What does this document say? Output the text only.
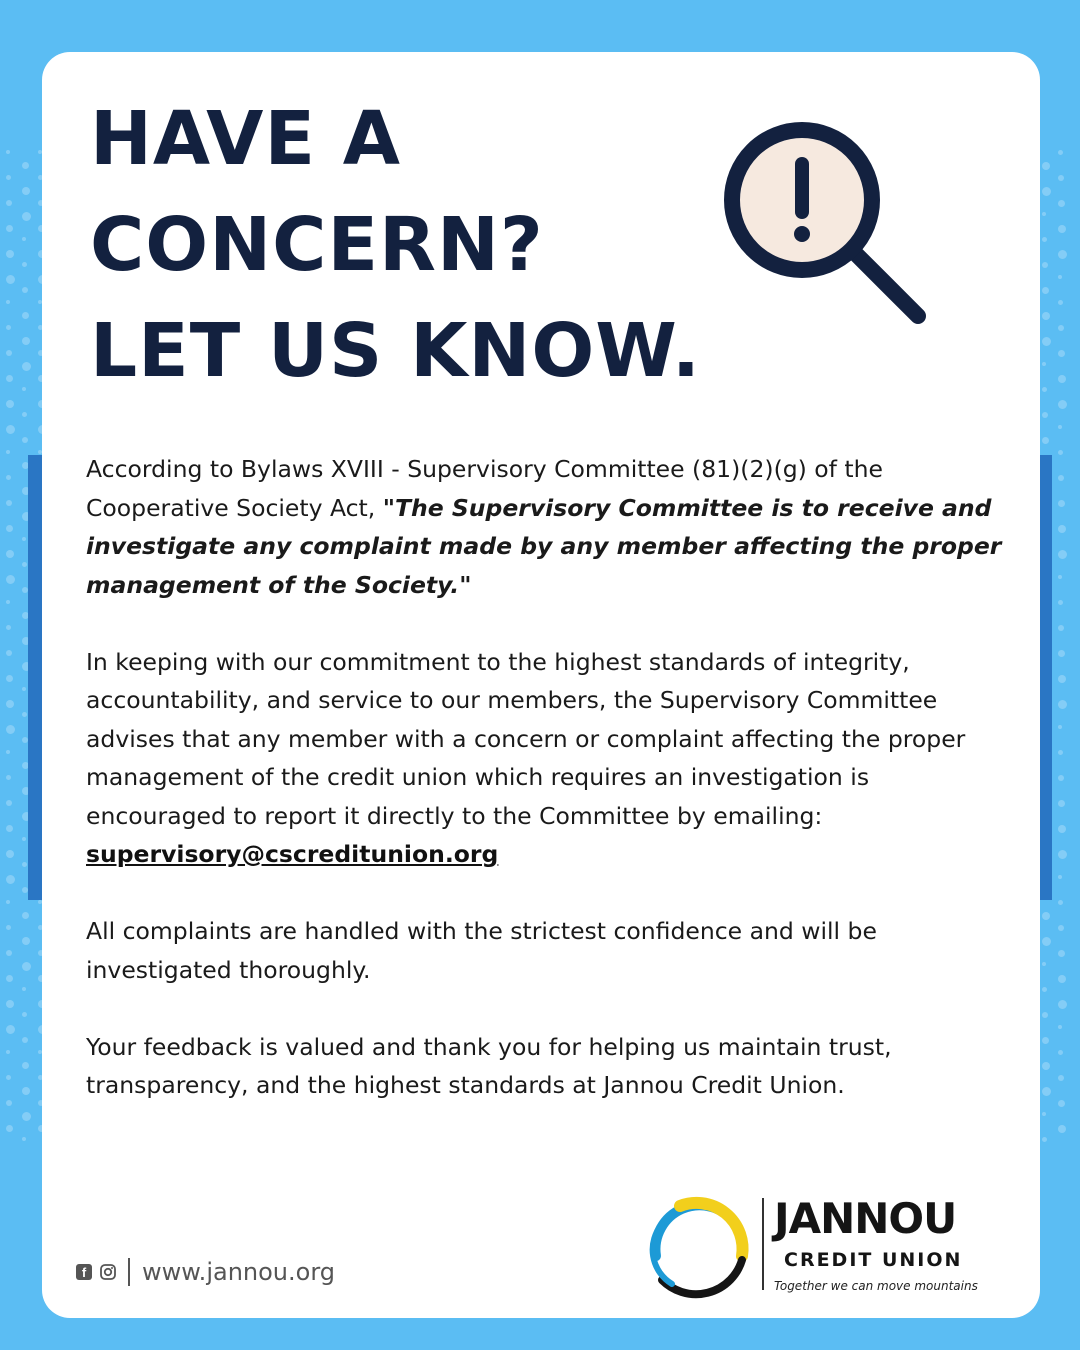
HAVE A
CONCERN?
LET US KNOW.

According to Bylaws XVIII - Supervisory Committee (81)(2)(g) of the Cooperative Society Act, "The Supervisory Committee is to receive and investigate any complaint made by any member affecting the proper management of the Society."

In keeping with our commitment to the highest standards of integrity, accountability, and service to our members, the Supervisory Committee advises that any member with a concern or complaint affecting the proper management of the credit union which requires an investigation is encouraged to report it directly to the Committee by emailing: supervisory@cscreditunion.org

All complaints are handled with the strictest confidence and will be investigated thoroughly.

Your feedback is valued and thank you for helping us maintain trust, transparency, and the highest standards at Jannou Credit Union.

f www.jannou.org
JANNOU
CREDIT UNION
Together we can move mountains
